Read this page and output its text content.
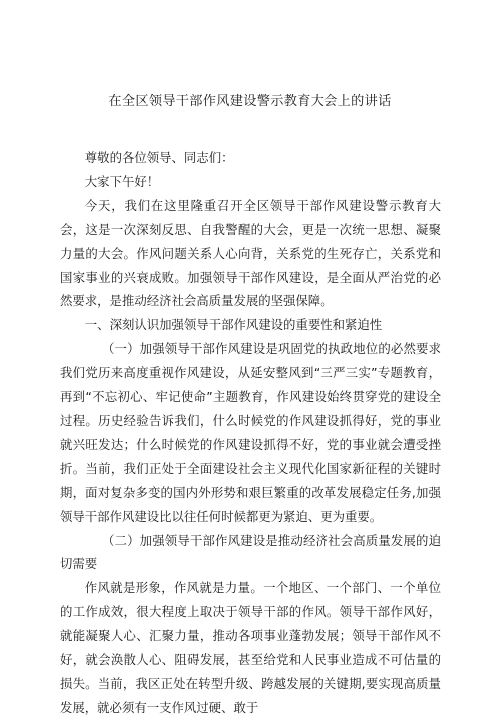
在全区领导干部作风建设警示教育大会上的讲话

尊敬的各位领导、同志们：

大家下午好！

今天，我们在这里隆重召开全区领导干部作风建设警示教育大会，这是一次深刻反思、自我警醒的大会，更是一次统一思想、凝聚力量的大会。作风问题关系人心向背，关系党的生死存亡，关系党和国家事业的兴衰成败。加强领导干部作风建设，是全面从严治党的必然要求，是推动经济社会高质量发展的坚强保障。

一、深刻认识加强领导干部作风建设的重要性和紧迫性

（一）加强领导干部作风建设是巩固党的执政地位的必然要求我们党历来高度重视作风建设，从延安整风到“三严三实”专题教育，再到“不忘初心、牢记使命”主题教育，作风建设始终贯穿党的建设全过程。历史经验告诉我们，什么时候党的作风建设抓得好，党的事业就兴旺发达；什么时候党的作风建设抓得不好，党的事业就会遭受挫折。当前，我们正处于全面建设社会主义现代化国家新征程的关键时期，面对复杂多变的国内外形势和艰巨繁重的改革发展稳定任务,加强领导干部作风建设比以往任何时候都更为紧迫、更为重要。

（二）加强领导干部作风建设是推动经济社会高质量发展的迫切需要

作风就是形象，作风就是力量。一个地区、一个部门、一个单位的工作成效，很大程度上取决于领导干部的作风。领导干部作风好，就能凝聚人心、汇聚力量，推动各项事业蓬勃发展；领导干部作风不好，就会涣散人心、阻碍发展，甚至给党和人民事业造成不可估量的损失。当前，我区正处在转型升级、跨越发展的关键期,要实现高质量发展，就必须有一支作风过硬、敢于
